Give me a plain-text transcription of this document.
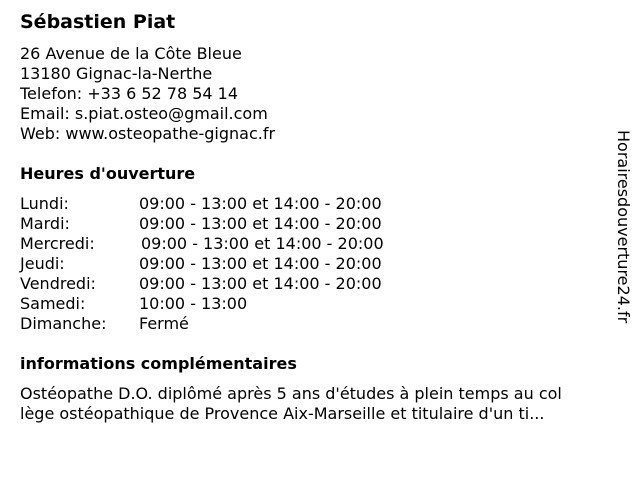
Sébastien Piat
26 Avenue de la Côte Bleue
13180 Gignac-la-Nerthe
Telefon: +33 6 52 78 54 14
Email: s.piat.osteo@gmail.com
Web: www.osteopathe-gignac.fr
Heures d'ouverture
Lundi:	09:00 - 13:00 et 14:00 - 20:00
Mardi:	09:00 - 13:00 et 14:00 - 20:00
Mercredi:	09:00 - 13:00 et 14:00 - 20:00
Jeudi:	09:00 - 13:00 et 14:00 - 20:00
Vendredi:	09:00 - 13:00 et 14:00 - 20:00
Samedi:	10:00 - 13:00
Dimanche: Fermé
informations complémentaires
Ostéopathe D.O. diplômé après 5 ans d'études à plein temps au col
lège ostéopathique de Provence Aix-Marseille et titulaire d'un ti...
Horairesdouverture24.fr
